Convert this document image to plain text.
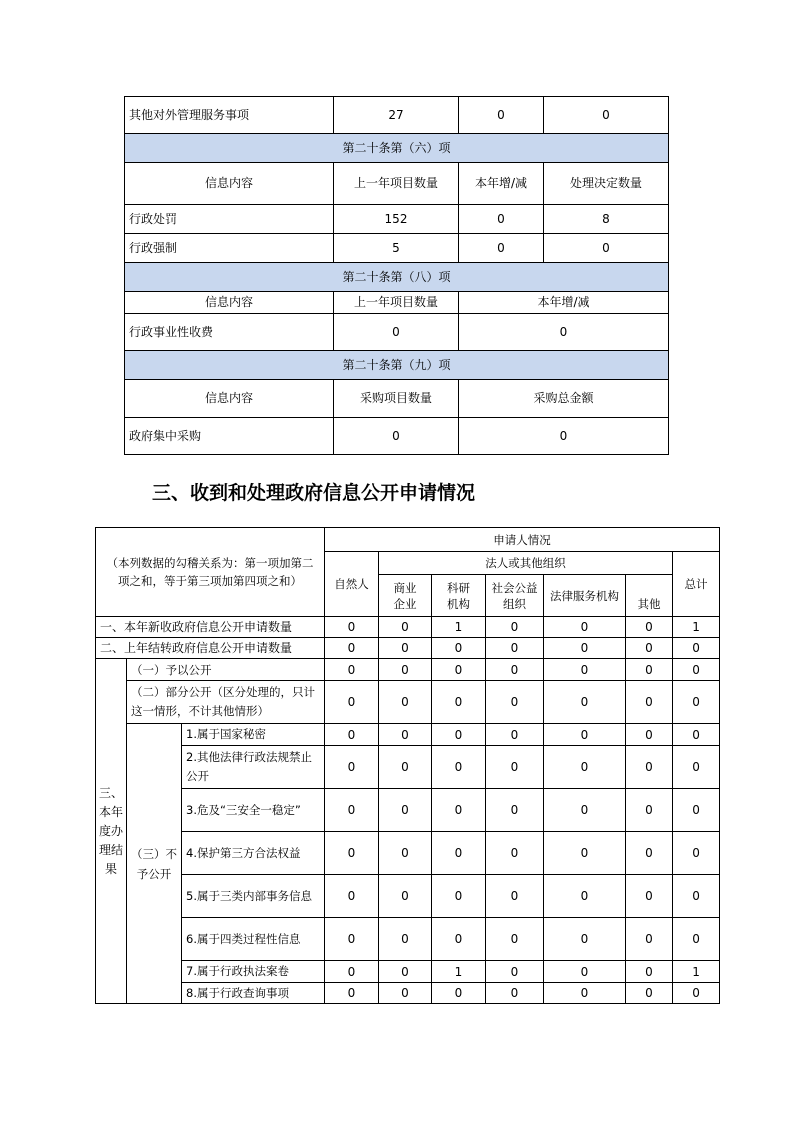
其他对外管理服务事项	27	0	0
第二十条第（六）项			
信息内容	上一年项目数量	本年增/减	处理决定数量
行政处罚	152	0	8
行政强制	5	0	0
第二十条第（八）项			
信息内容	上一年项目数量	本年增/减	
行政事业性收费	0	0	
第二十条第（九）项			
信息内容	采购项目数量	采购总金额	
政府集中采购	0	0	
三、收到和处理政府信息公开申请情况
（本列数据的勾稽关系为：第一项加第二项之和，等于第三项加第四项之和）			申请人情况						
			自然人	法人或其他组织					总计
				商业企业	科研机构	社会公益组织	法律服务机构	其他	
一、本年新收政府信息公开申请数量			0	0	1	0	0	0	1
二、上年结转政府信息公开申请数量			0	0	0	0	0	0	0
三、本年度办理结果	（一）予以公开		0	0	0	0	0	0	0
	（二）部分公开（区分处理的，只计这一情形，不计其他情形）		0	0	0	0	0	0	0
	（三）不予公开	1.属于国家秘密	0	0	0	0	0	0	0
		2.其他法律行政法规禁止公开	0	0	0	0	0	0	0
		3.危及“三安全一稳定”	0	0	0	0	0	0	0
		4.保护第三方合法权益	0	0	0	0	0	0	0
		5.属于三类内部事务信息	0	0	0	0	0	0	0
		6.属于四类过程性信息	0	0	0	0	0	0	0
		7.属于行政执法案卷	0	0	1	0	0	0	1
		8.属于行政查询事项	0	0	0	0	0	0	0
